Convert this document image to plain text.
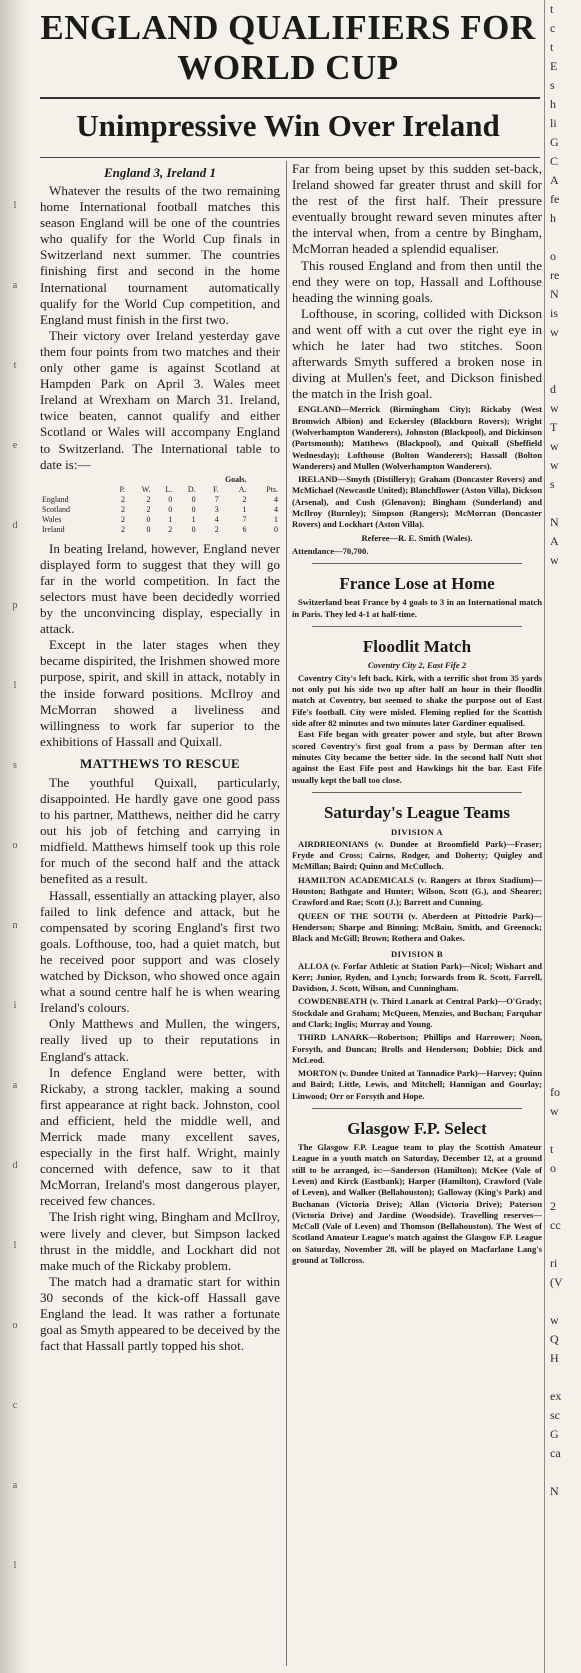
l
a
t
e
d
p
l
s
o
n
i
a
d
l
o
c
a
l
t
c
t
E
s
h
li
G
C
A
fe
h

o
re
N
is
w

d
w
T
w
w
s

N
A
w

fo
w

t
o

2
cc

ri
(V

w
Q
H

ex
sc
G
ca

N
ENGLAND QUALIFIERS FOR WORLD CUP
Unimpressive Win Over Ireland
England 3, Ireland 1

Whatever the results of the two remaining home International football matches this season England will be one of the countries who qualify for the World Cup finals in Switzerland next summer. The countries finishing first and second in the home International tournament automatically qualify for the World Cup competition, and England must finish in the first two.

Their victory over Ireland yesterday gave them four points from two matches and their only other game is against Scotland at Hampden Park on April 3. Wales meet Ireland at Wrexham on March 31. Ireland, twice beaten, cannot qualify and either Scotland or Wales will accompany England to Switzerland. The International table to date is:—

					Goals.		
	P.	W.	L.	D.	F.	A.	Pts.
England	2	2	0	0	7	2	4
Scotland	2	2	0	0	3	1	4
Wales	2	0	1	1	4	7	1
Ireland	2	0	2	0	2	6	0

In beating Ireland, however, England never displayed form to suggest that they will go far in the world competition. In fact the selectors must have been decidedly worried by the unconvincing display, especially in attack.

Except in the later stages when they became dispirited, the Irishmen showed more purpose, spirit, and skill in attack, notably in the inside forward positions. McIlroy and McMorran showed a liveliness and willingness to work far superior to the exhibitions of Hassall and Quixall.

MATTHEWS TO RESCUE

The youthful Quixall, particularly, disappointed. He hardly gave one good pass to his partner, Matthews, neither did he carry out his job of fetching and carrying in midfield. Matthews himself took up this role for much of the second half and the attack benefited as a result.

Hassall, essentially an attacking player, also failed to link defence and attack, but he compensated by scoring England's first two goals. Lofthouse, too, had a quiet match, but he received poor support and was closely watched by Dickson, who showed once again what a sound centre half he is when wearing Ireland's colours.

Only Matthews and Mullen, the wingers, really lived up to their reputations in England's attack.

In defence England were better, with Rickaby, a strong tackler, making a sound first appearance at right back. Johnston, cool and efficient, held the middle well, and Merrick made many excellent saves, especially in the first half. Wright, mainly concerned with defence, saw to it that McMorran, Ireland's most dangerous player, received few chances.

The Irish right wing, Bingham and McIlroy, were lively and clever, but Simpson lacked thrust in the middle, and Lockhart did not make much of the Rickaby problem.

The match had a dramatic start for within 30 seconds of the kick-off Hassall gave England the lead. It was rather a fortunate goal as Smyth appeared to be deceived by the fact that Hassall partly topped his shot.

Far from being upset by this sudden set-back, Ireland showed far greater thrust and skill for the rest of the first half. Their pressure eventually brought reward seven minutes after the interval when, from a centre by Bingham, McMorran headed a splendid equaliser.

This roused England and from then until the end they were on top, Hassall and Lofthouse heading the winning goals.

Lofthouse, in scoring, collided with Dickson and went off with a cut over the right eye in which he later had two stitches. Soon afterwards Smyth suffered a broken nose in diving at Mullen's feet, and Dickson finished the match in the Irish goal.

ENGLAND—Merrick (Birmingham City); Rickaby (West Bromwich Albion) and Eckersley (Blackburn Rovers); Wright (Wolverhampton Wanderers), Johnston (Blackpool), and Dickinson (Portsmouth); Matthews (Blackpool), and Quixall (Sheffield Wednesday); Lofthouse (Bolton Wanderers); Hassall (Bolton Wanderers) and Mullen (Wolverhampton Wanderers).

IRELAND—Smyth (Distillery); Graham (Doncaster Rovers) and McMichael (Newcastle United); Blanchflower (Aston Villa), Dickson (Arsenal), and Cush (Glenavon); Bingham (Sunderland) and McIlroy (Burnley); Simpson (Rangers); McMorran (Doncaster Rovers) and Lockhart (Aston Villa).

Referee—R. E. Smith (Wales).

Attendance—70,700.

France Lose at Home

Switzerland beat France by 4 goals to 3 in an International match in Paris. They led 4-1 at half-time.

Floodlit Match
Coventry City 2, East Fife 2

Coventry City's left back, Kirk, with a terrific shot from 35 yards not only put his side two up after half an hour in their floodlit match at Coventry, but seemed to shake the purpose out of East Fife's football. City were misled. Fleming replied for the Scottish side after 82 minutes and two minutes later Gardiner equalised.

East Fife began with greater power and style, but after Brown scored Coventry's first goal from a pass by Derman after ten minutes City became the better side. In the second half Nutt shot against the East Fife post and Hawkings hit the bar. East Fife usually kept the ball too close.

Saturday's League Teams
DIVISION A

AIRDRIEONIANS (v. Dundee at Broomfield Park)—Fraser; Fryde and Cross; Cairns, Rodger, and Doherty; Quigley and McMillan; Baird; Quinn and McCulloch.

HAMILTON ACADEMICALS (v. Rangers at Ibrox Stadium)—Houston; Bathgate and Hunter; Wilson, Scott (G.), and Shearer; Crawford and Rae; Scott (J.); Barrett and Cunning.

QUEEN OF THE SOUTH (v. Aberdeen at Pittodrie Park)—Henderson; Sharpe and Binning; McBain, Smith, and Greenock; Black and McGill; Brown; Rothera and Oakes.

DIVISION B

ALLOA (v. Forfar Athletic at Station Park)—Nicol; Wishart and Kerr; Junior, Ryden, and Lynch; forwards from R. Scott, Farrell, Davidson, J. Scott, Wilson, and Cunningham.

COWDENBEATH (v. Third Lanark at Central Park)—O'Grady; Stockdale and Graham; McQueen, Menzies, and Buchan; Farquhar and Clark; Inglis; Murray and Young.

THIRD LANARK—Robertson; Phillips and Harrower; Noon, Forsyth, and Duncan; Brolls and Henderson; Dobbie; Dick and McLeod.

MORTON (v. Dundee United at Tannadice Park)—Harvey; Quinn and Baird; Little, Lewis, and Mitchell; Hannigan and Gourlay; Linwood; Orr or Forsyth and Hope.

Glasgow F.P. Select

The Glasgow F.P. League team to play the Scottish Amateur League in a youth match on Saturday, December 12, at a ground still to be arranged, is:—Sanderson (Hamilton); McKee (Vale of Leven) and Kirck (Eastbank); Harper (Hamilton), Crawford (Vale of Leven), and Walker (Bellahouston); Galloway (King's Park) and Buchanan (Victoria Drive); Allan (Victoria Drive); Paterson (Victoria Drive) and Jardine (Woodside). Travelling reserves—McColl (Vale of Leven) and Thomson (Bellahouston). The West of Scotland Amateur League's match against the Glasgow F.P. League on Saturday, November 28, will be played on Macfarlane Lang's ground at Tollcross.
